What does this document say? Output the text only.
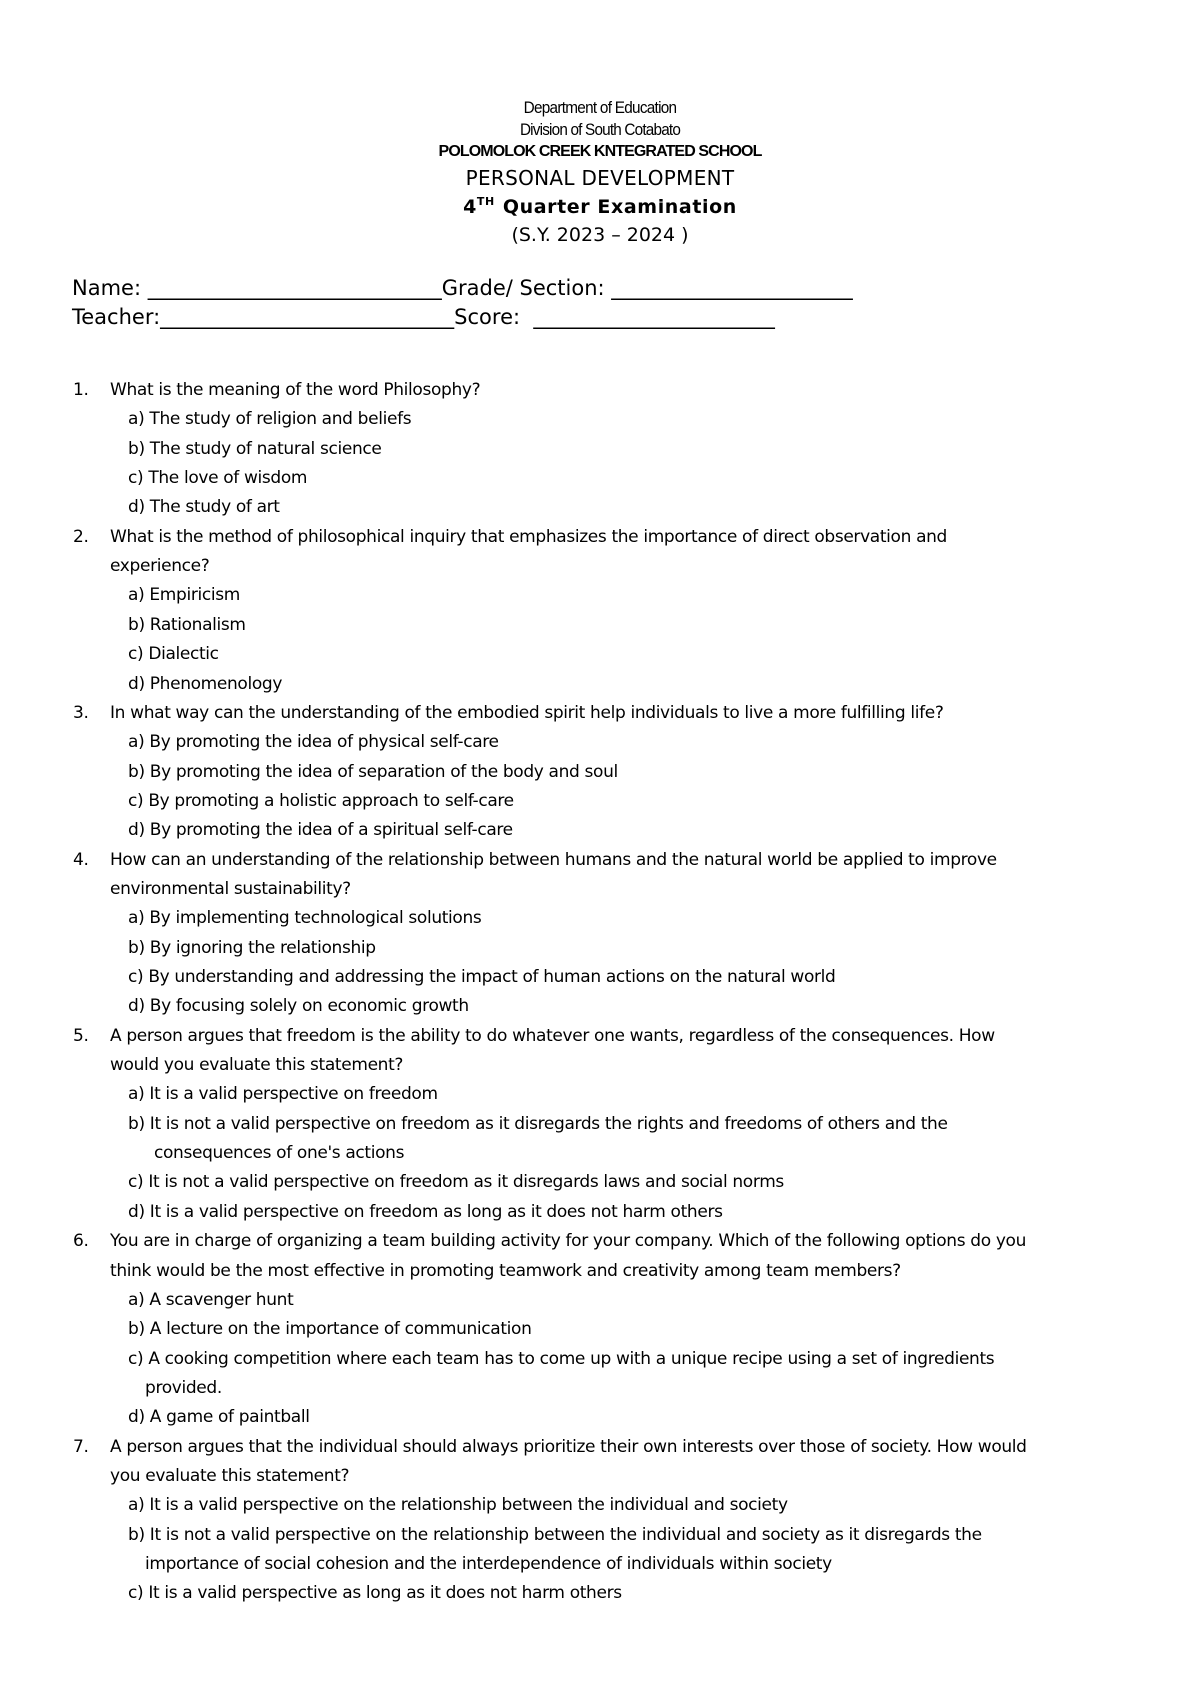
Department of Education
Division of South Cotabato
POLOMOLOK CREEK KNTEGRATED SCHOOL
PERSONAL DEVELOPMENT
4TH Quarter Examination
(S.Y. 2023 – 2024 )
Name: ____________________________Grade/ Section: _______________________
Teacher:____________________________Score:  _______________________
1. What is the meaning of the word Philosophy?
a) The study of religion and beliefs
b) The study of natural science
c) The love of wisdom
d) The study of art
2. What is the method of philosophical inquiry that emphasizes the importance of direct observation and
experience?
a) Empiricism
b) Rationalism
c) Dialectic
d) Phenomenology
3. In what way can the understanding of the embodied spirit help individuals to live a more fulfilling life?
a) By promoting the idea of physical self-care
b) By promoting the idea of separation of the body and soul
c) By promoting a holistic approach to self-care
d) By promoting the idea of a spiritual self-care
4. How can an understanding of the relationship between humans and the natural world be applied to improve
environmental sustainability?
a) By implementing technological solutions
b) By ignoring the relationship
c) By understanding and addressing the impact of human actions on the natural world
d) By focusing solely on economic growth
5. A person argues that freedom is the ability to do whatever one wants, regardless of the consequences. How
would you evaluate this statement?
a) It is a valid perspective on freedom
b) It is not a valid perspective on freedom as it disregards the rights and freedoms of others and the
consequences of one's actions
c) It is not a valid perspective on freedom as it disregards laws and social norms
d) It is a valid perspective on freedom as long as it does not harm others
6. You are in charge of organizing a team building activity for your company. Which of the following options do you
think would be the most effective in promoting teamwork and creativity among team members?
a) A scavenger hunt
b) A lecture on the importance of communication
c) A cooking competition where each team has to come up with a unique recipe using a set of ingredients
provided.
d) A game of paintball
7. A person argues that the individual should always prioritize their own interests over those of society. How would
you evaluate this statement?
a) It is a valid perspective on the relationship between the individual and society
b) It is not a valid perspective on the relationship between the individual and society as it disregards the
importance of social cohesion and the interdependence of individuals within society
c) It is a valid perspective as long as it does not harm others
